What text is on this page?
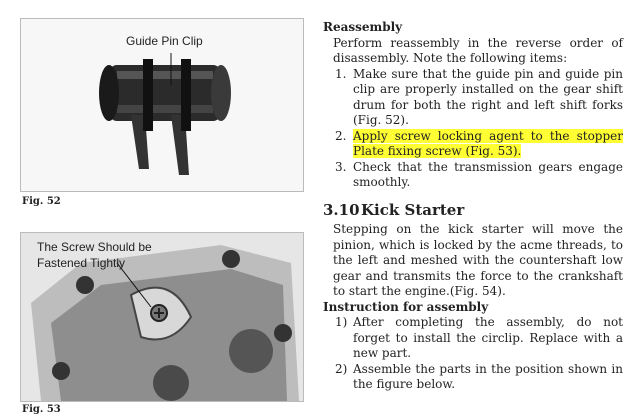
Guide Pin Clip
Fig. 52
The Screw Should be
Fastened Tightly
Fig. 53

Reassembly

Perform reassembly in the reverse order of disassembly. Note the following items:

1. Make sure that the guide pin and guide pin clip are properly installed on the gear shift drum for both the right and left shift forks (Fig. 52).
2. Apply screw locking agent to the stopper Plate fixing screw (Fig. 53).
3. Check that the transmission gears engage smoothly.
3.10Kick Starter

Stepping on the kick starter will move the pinion, which is locked by the acme threads, to the left and meshed with the countershaft low gear and transmits the force to the crankshaft to start the engine.(Fig. 54).

Instruction for assembly

1) After completing the assembly, do not forget to install the circlip. Replace with a new part.
2) Assemble the parts in the position shown in the figure below.
